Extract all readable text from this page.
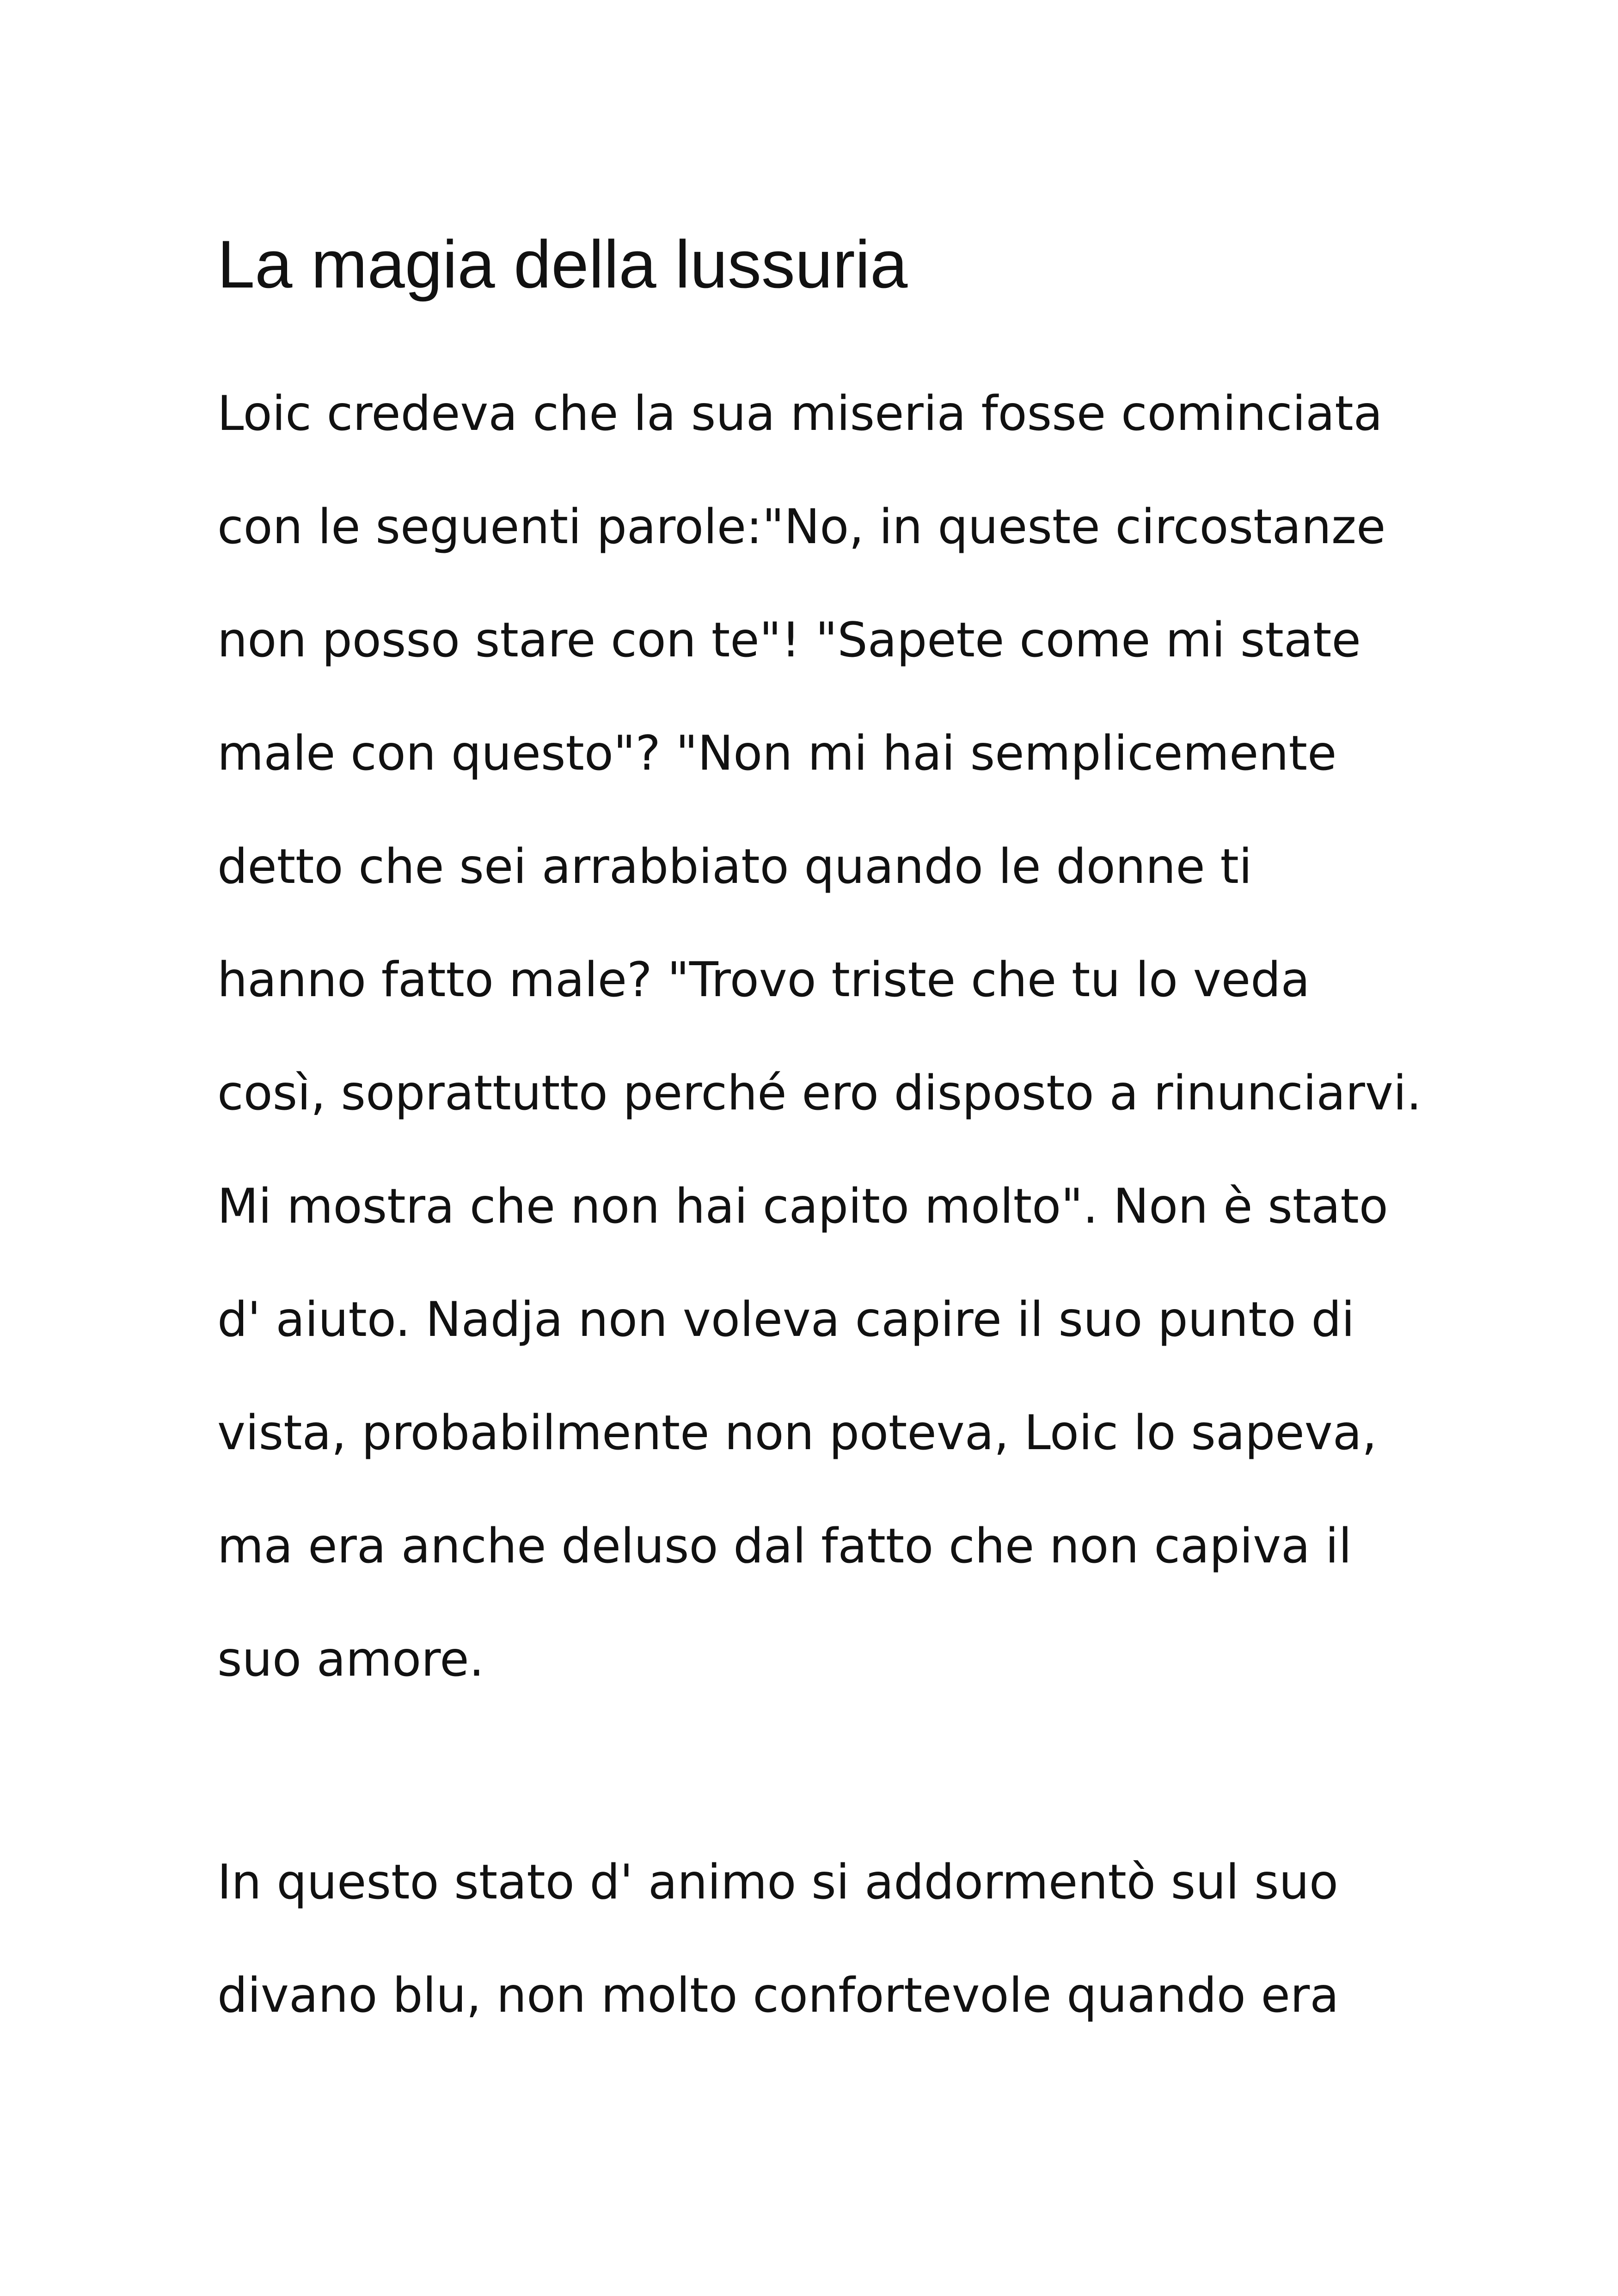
La magia della lussuria

Loic credeva che la sua miseria fosse cominciata

con le seguenti parole:"No, in queste circostanze

non posso stare con te"! "Sapete come mi state

male con questo"? "Non mi hai semplicemente

detto che sei arrabbiato quando le donne ti

hanno fatto male? "Trovo triste che tu lo veda

così, soprattutto perché ero disposto a rinunciarvi.

Mi mostra che non hai capito molto". Non è stato

d' aiuto. Nadja non voleva capire il suo punto di

vista, probabilmente non poteva, Loic lo sapeva,

ma era anche deluso dal fatto che non capiva il

suo amore.

In questo stato d' animo si addormentò sul suo

divano blu, non molto confortevole quando era
